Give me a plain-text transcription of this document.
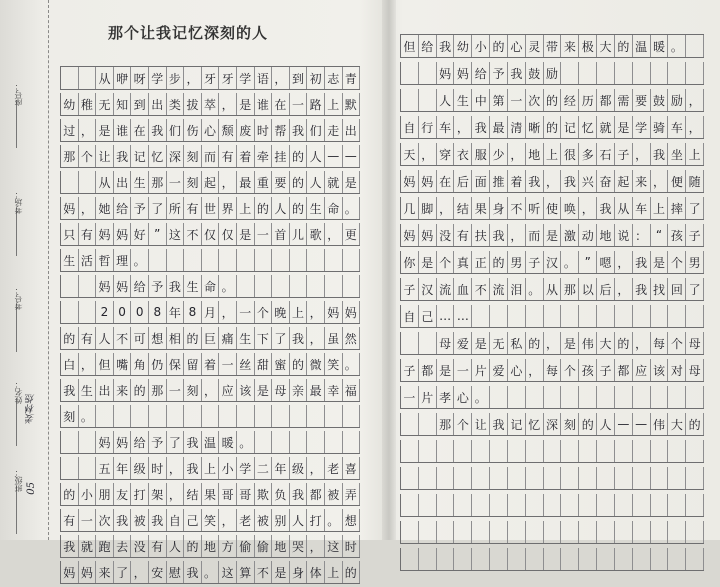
座号：
考场：
考号：
姓名：
姜林煜
班级： 05
那个让我记忆深刻的人
从 咿 呀 学 步 ， 牙 牙 学 语 ， 到 初 志 青
幼 稚 无 知 到 出 类 拔 萃 ， 是 谁 在 一 路 上 默
过 ， 是 谁 在 我 们 伤 心 颓 废 时 帮 我 们 走 出
那 个 让 我 记 忆 深 刻 而 有 着 牵 挂 的 人 — —
从 出 生 那 一 刻 起 ， 最 重 要 的 人 就 是
妈 ， 她 给 予 了 所 有 世 界 上 的 人 的 生 命 。
只 有 妈 妈 好 ” 这 不 仅 仅 是 一 首 儿 歌 ， 更
生 活 哲 理 。
妈 妈 给 予 我 生 命 。
2 0 0 8 年 8 月 ， 一 个 晚 上 ， 妈 妈
的 有 人 不 可 想 相 的 巨 痛 生 下 了 我 ， 虽 然
白 ， 但 嘴 角 仍 保 留 着 一 丝 甜 蜜 的 微 笑 。
我 生 出 来 的 那 一 刻 ， 应 该 是 母 亲 最 幸 福
刻 。
妈 妈 给 予 了 我 温 暖 。
五 年 级 时 ， 我 上 小 学 二 年 级 ， 老 喜
的 小 朋 友 打 架 ， 结 果 哥 哥 欺 负 我 都 被 弄
有 一 次 我 被 我 自 己 笑 ， 老 被 别 人 打 。 想
我 就 跑 去 没 有 人 的 地 方 偷 偷 地 哭 ， 这 时
妈 妈 来 了 ， 安 慰 我 。 这 算 不 是 身 体 上 的
但 给 我 幼 小 的 心 灵 带 来 极 大 的 温 暖 。
妈 妈 给 予 我 鼓 励
人 生 中 第 一 次 的 经 历 都 需 要 鼓 励 ，
自 行 车 ， 我 最 清 晰 的 记 忆 就 是 学 骑 车 ，
天 ， 穿 衣 服 少 ， 地 上 很 多 石 子 ， 我 坐 上
妈 妈 在 后 面 推 着 我 ， 我 兴 奋 起 来 ， 便 随
几 脚 ， 结 果 身 不 听 使 唤 ， 我 从 车 上 摔 了
妈 妈 没 有 扶 我 ， 而 是 激 动 地 说 ： “ 孩 子
你 是 个 真 正 的 男 子 汉 。 ” 嗯 ， 我 是 个 男
子 汉 流 血 不 流 泪 。 从 那 以 后 ， 我 找 回 了
自 己 … …
母 爱 是 无 私 的 ， 是 伟 大 的 ， 每 个 母
子 都 是 一 片 爱 心 ， 每 个 孩 子 都 应 该 对 母
一 片 孝 心 。
那 个 让 我 记 忆 深 刻 的 人 — — 伟 大 的
